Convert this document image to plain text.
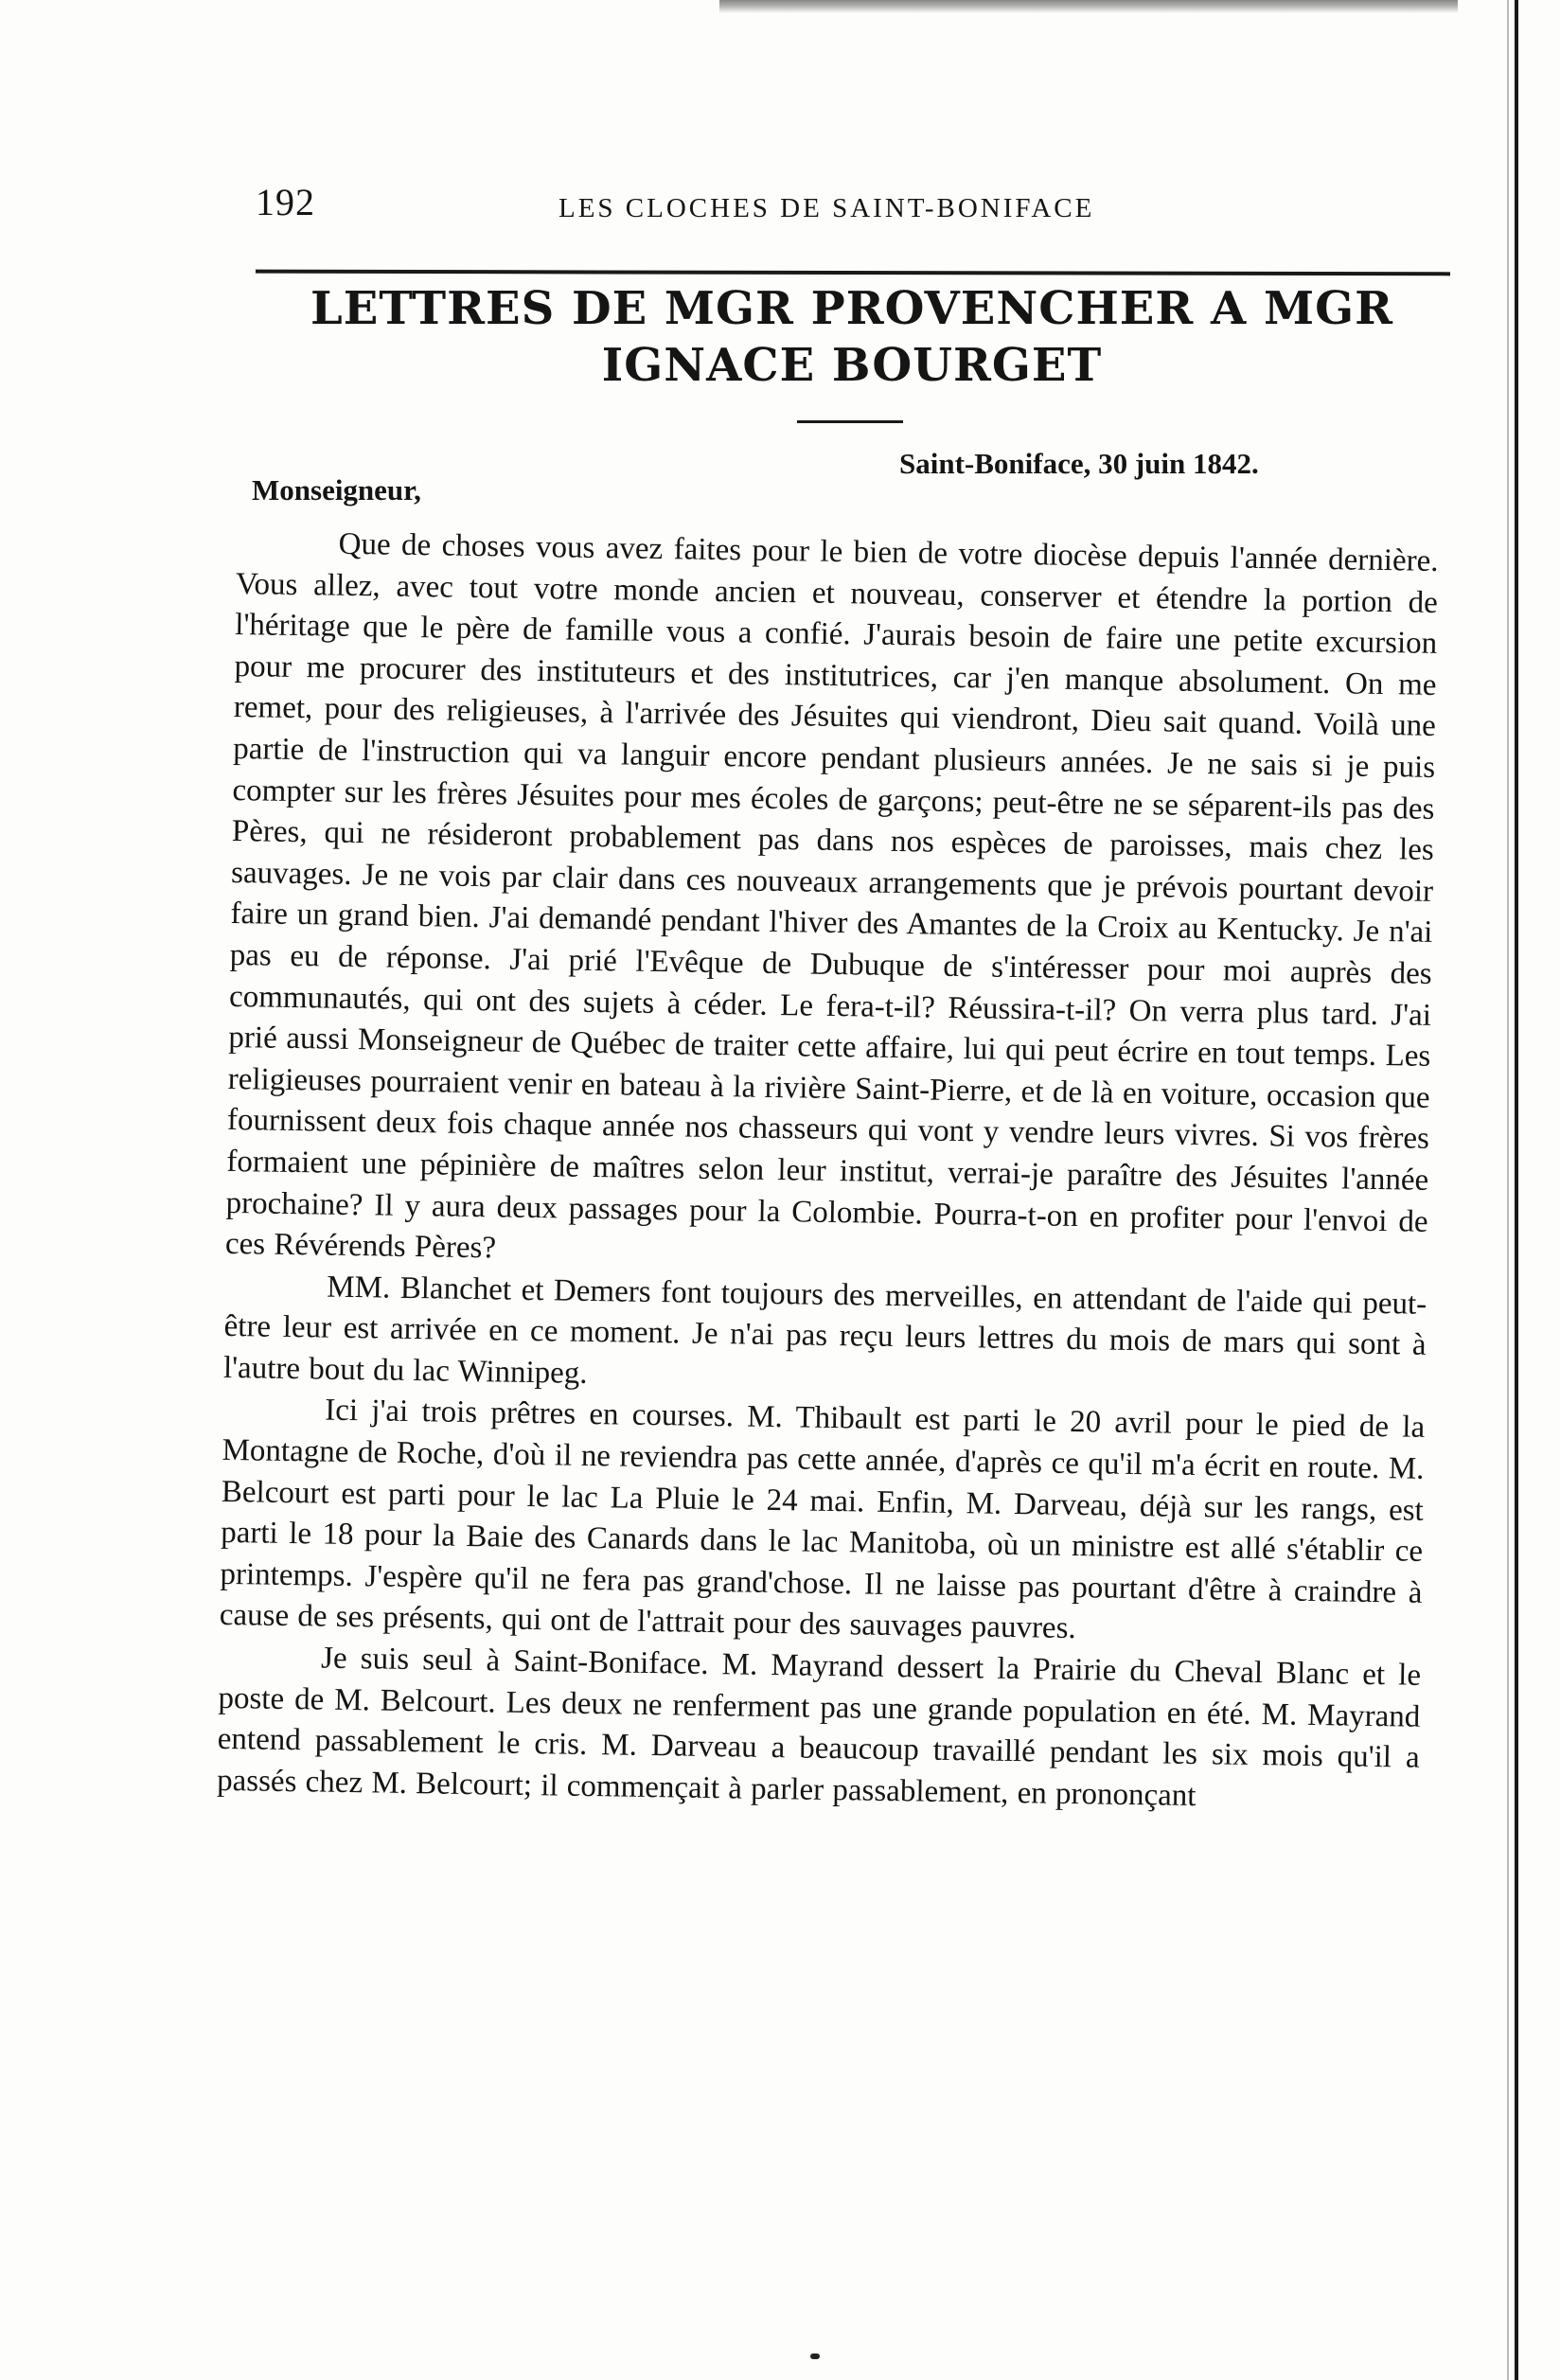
192	LES CLOCHES DE SAINT-BONIFACE
LETTRES DE MGR PROVENCHER A MGR IGNACE BOURGET
Saint-Boniface, 30 juin 1842.
Monseigneur,

Que de choses vous avez faites pour le bien de votre diocèse depuis l'année dernière. Vous allez, avec tout votre monde ancien et nouveau, conserver et étendre la portion de l'héritage que le père de famille vous a confié. J'aurais besoin de faire une petite excursion pour me procurer des instituteurs et des institutrices, car j'en manque absolument. On me remet, pour des religieuses, à l'arrivée des Jésuites qui viendront, Dieu sait quand. Voilà une partie de l'instruction qui va languir encore pendant plusieurs années. Je ne sais si je puis compter sur les frères Jésuites pour mes écoles de garçons; peut-être ne se séparent-ils pas des Pères, qui ne résideront probablement pas dans nos espèces de paroisses, mais chez les sauvages. Je ne vois par clair dans ces nouveaux arrangements que je prévois pourtant devoir faire un grand bien. J'ai demandé pendant l'hiver des Amantes de la Croix au Kentucky. Je n'ai pas eu de réponse. J'ai prié l'Evêque de Dubuque de s'intéresser pour moi auprès des communautés, qui ont des sujets à céder. Le fera-t-il? Réussira-t-il? On verra plus tard. J'ai prié aussi Monseigneur de Québec de traiter cette affaire, lui qui peut écrire en tout temps. Les religieuses pourraient venir en bateau à la rivière Saint-Pierre, et de là en voiture, occasion que fournissent deux fois chaque année nos chasseurs qui vont y vendre leurs vivres. Si vos frères formaient une pépinière de maîtres selon leur institut, verrai-je paraître des Jésuites l'année prochaine? Il y aura deux passages pour la Colombie. Pourra-t-on en profiter pour l'envoi de ces Révérends Pères?

MM. Blanchet et Demers font toujours des merveilles, en attendant de l'aide qui peut-être leur est arrivée en ce moment. Je n'ai pas reçu leurs lettres du mois de mars qui sont à l'autre bout du lac Winnipeg.

Ici j'ai trois prêtres en courses. M. Thibault est parti le 20 avril pour le pied de la Montagne de Roche, d'où il ne reviendra pas cette année, d'après ce qu'il m'a écrit en route. M. Belcourt est parti pour le lac La Pluie le 24 mai. Enfin, M. Darveau, déjà sur les rangs, est parti le 18 pour la Baie des Canards dans le lac Manitoba, où un ministre est allé s'établir ce printemps. J'espère qu'il ne fera pas grand'chose. Il ne laisse pas pourtant d'être à craindre à cause de ses présents, qui ont de l'attrait pour des sauvages pauvres.

Je suis seul à Saint-Boniface. M. Mayrand dessert la Prairie du Cheval Blanc et le poste de M. Belcourt. Les deux ne renferment pas une grande population en été. M. Mayrand entend passablement le cris. M. Darveau a beaucoup travaillé pendant les six mois qu'il a passés chez M. Belcourt; il commençait à parler passablement, en prononçant
